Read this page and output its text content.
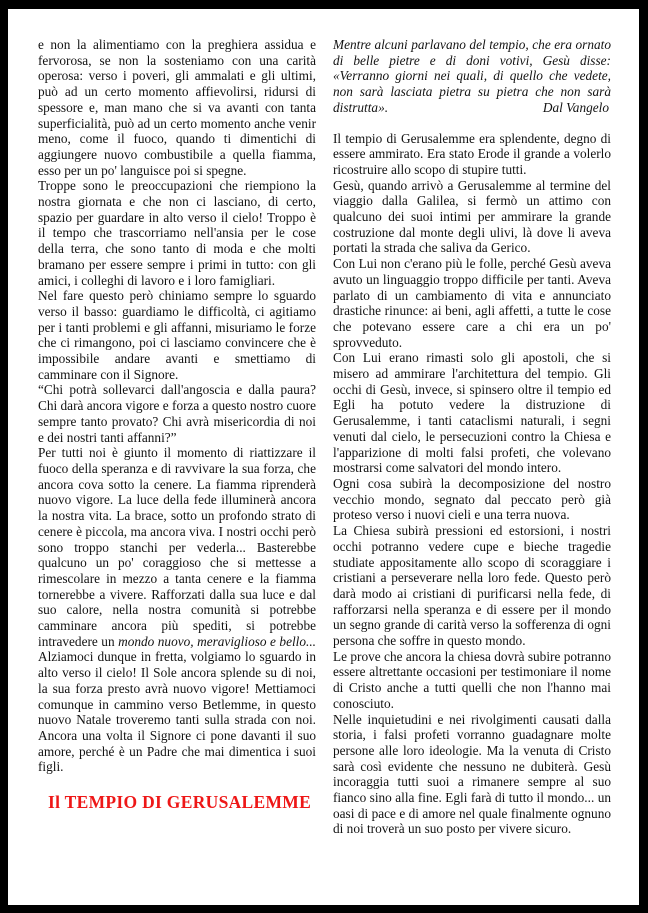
e non la alimentiamo con la preghiera assidua e fervorosa, se non la sosteniamo con una carità operosa: verso i poveri, gli ammalati e gli ultimi, può ad un certo momento affievolirsi, ridursi di spessore e, man mano che si va avanti con tanta superficialità, può ad un certo momento anche venir meno, come il fuoco, quando ti dimentichi di aggiungere nuovo combustibile a quella fiamma, esso per un po' languisce poi si spegne.

Troppe sono le preoccupazioni che riempiono la nostra giornata e che non ci lasciano, di certo, spazio per guardare in alto verso il cielo! Troppo è il tempo che trascorriamo nell'ansia per le cose della terra, che sono tanto di moda e che molti bramano per essere sempre i primi in tutto: con gli amici, i colleghi di lavoro e i loro famigliari.

Nel fare questo però chiniamo sempre lo sguardo verso il basso: guardiamo le difficoltà, ci agitiamo per i tanti problemi e gli affanni, misuriamo le forze che ci rimangono, poi ci lasciamo convincere che è impossibile andare avanti e smettiamo di camminare con il Signore.

“Chi potrà sollevarci dall'angoscia e dalla paura? Chi darà ancora vigore e forza a questo nostro cuore sempre tanto provato? Chi avrà misericordia di noi e dei nostri tanti affanni?”

Per tutti noi è giunto il momento di riattizzare il fuoco della speranza e di ravvivare la sua forza, che ancora cova sotto la cenere. La fiamma riprenderà nuovo vigore. La luce della fede illuminerà ancora la nostra vita. La brace, sotto un profondo strato di cenere è piccola, ma ancora viva. I nostri occhi però sono troppo stanchi per vederla... Basterebbe qualcuno un po' coraggioso che si mettesse a rimescolare in mezzo a tanta cenere e la fiamma tornerebbe a vivere. Rafforzati dalla sua luce e dal suo calore, nella nostra comunità si potrebbe camminare ancora più spediti, si potrebbe intravedere un mondo nuovo, meraviglioso e bello... Alziamoci dunque in fretta, volgiamo lo sguardo in alto verso il cielo! Il Sole ancora splende su di noi, la sua forza presto avrà nuovo vigore! Mettiamoci comunque in cammino verso Betlemme, in questo nuovo Natale troveremo tanti sulla strada con noi. Ancora una volta il Signore ci pone davanti il suo amore, perché è un Padre che mai dimentica i suoi figli.

Il TEMPIO DI GERUSALEMME
Mentre alcuni parlavano del tempio, che era ornato di belle pietre e di doni votivi, Gesù disse: «Verranno giorni nei quali, di quello che vedete, non sarà lasciata pietra su pietra che non sarà distrutta».	Dal Vangelo

Il tempio di Gerusalemme era splendente, degno di essere ammirato. Era stato Erode il grande a volerlo ricostruire allo scopo di stupire tutti.

Gesù, quando arrivò a Gerusalemme al termine del viaggio dalla Galilea, si fermò un attimo con qualcuno dei suoi intimi per ammirare la grande costruzione dal monte degli ulivi, là dove li aveva portati la strada che saliva da Gerico.

Con Lui non c'erano più le folle, perché Gesù aveva avuto un linguaggio troppo difficile per tanti. Aveva parlato di un cambiamento di vita e annunciato drastiche rinunce: ai beni, agli affetti, a tutte le cose che potevano essere care a chi era un po' sprovveduto.

Con Lui erano rimasti solo gli apostoli, che si misero ad ammirare l'architettura del tempio. Gli occhi di Gesù, invece, si spinsero oltre il tempio ed Egli ha potuto vedere la distruzione di Gerusalemme, i tanti cataclismi naturali, i segni venuti dal cielo, le persecuzioni contro la Chiesa e l'apparizione di molti falsi profeti, che volevano mostrarsi come salvatori del mondo intero.

Ogni cosa subirà la decomposizione del nostro vecchio mondo, segnato dal peccato però già proteso verso i nuovi cieli e una terra nuova.

La Chiesa subirà pressioni ed estorsioni, i nostri occhi potranno vedere cupe e bieche tragedie studiate appositamente allo scopo di scoraggiare i cristiani a perseverare nella loro fede. Questo però darà modo ai cristiani di purificarsi nella fede, di rafforzarsi nella speranza e di essere per il mondo un segno grande di carità verso la sofferenza di ogni persona che soffre in questo mondo.

Le prove che ancora la chiesa dovrà subire potranno essere altrettante occasioni per testimoniare il nome di Cristo anche a tutti quelli che non l'hanno mai conosciuto.

Nelle inquietudini e nei rivolgimenti causati dalla storia, i falsi profeti vorranno guadagnare molte persone alle loro ideologie. Ma la venuta di Cristo sarà così evidente che nessuno ne dubiterà. Gesù incoraggia tutti suoi a rimanere sempre al suo fianco sino alla fine. Egli farà di tutto il mondo... un oasi di pace e di amore nel quale finalmente ognuno di noi troverà un suo posto per vivere sicuro.
